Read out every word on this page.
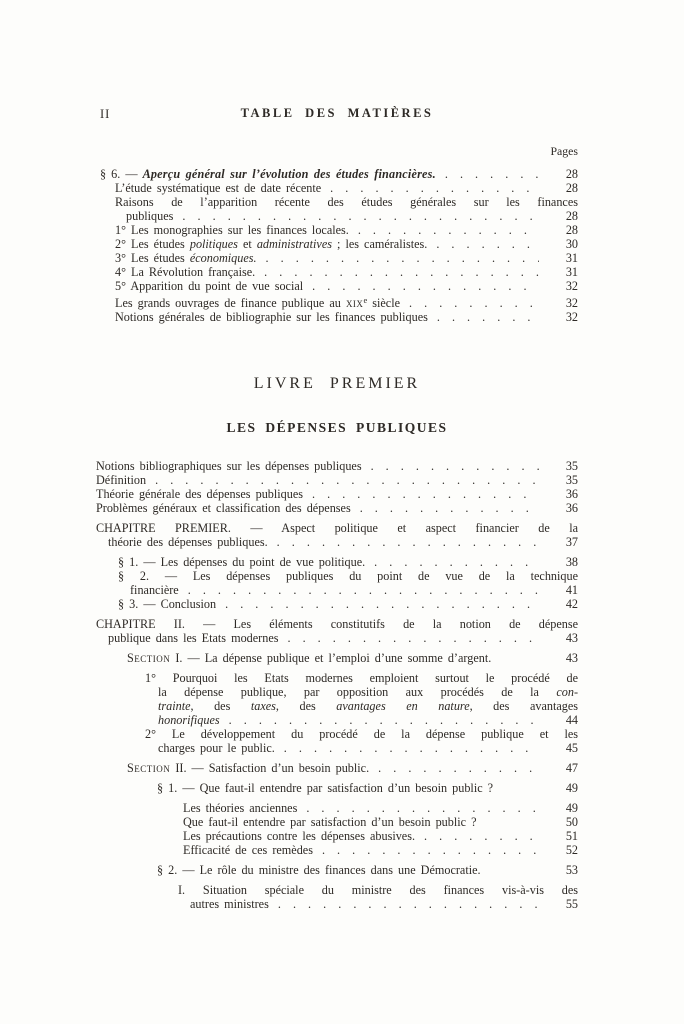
II	TABLE DES MATIÈRES
Pages
§ 6. — Aperçu général sur l’évolution des études financières. . . .	28
L’étude systématique est de date récente . . .	28
Raisons de l’apparition récente des études générales sur les finances
publiques . . .	28
1° Les monographies sur les finances locales. . . .	28
2° Les études politiques et administratives ; les caméralistes. . . .	30
3° Les études économiques. . . .	31
4° La Révolution française. . . .	31
5° Apparition du point de vue social . . .	32
Les grands ouvrages de finance publique au xix$^e$ siècle . . .	32
Notions générales de bibliographie sur les finances publiques . . .	32
LIVRE PREMIER
LES DÉPENSES PUBLIQUES
Notions bibliographiques sur les dépenses publiques . . .	35
Définition . . .	35
Théorie générale des dépenses publiques . . .	36
Problèmes généraux et classification des dépenses . . .	36
CHAPITRE PREMIER. — Aspect politique et aspect financier de la
théorie des dépenses publiques. . . .	37
§ 1. — Les dépenses du point de vue politique. . . .	38
§ 2. — Les dépenses publiques du point de vue de la technique
financière . . .	41
§ 3. — Conclusion . . .	42
CHAPITRE II. — Les éléments constitutifs de la notion de dépense
publique dans les Etats modernes . . .	43
Section I. — La dépense publique et l’emploi d’une somme d’argent.	43
1° Pourquoi les Etats modernes emploient surtout le procédé de
la dépense publique, par opposition aux procédés de la con-
trainte, des taxes, des avantages en nature, des avantages
honorifiques . . .	44
2° Le développement du procédé de la dépense publique et les
charges pour le public. . . .	45
Section II. — Satisfaction d’un besoin public. . . .	47
§ 1. — Que faut-il entendre par satisfaction d’un besoin public ?	49
Les théories anciennes . . .	49
Que faut-il entendre par satisfaction d’un besoin public ?	50
Les précautions contre les dépenses abusives. . . .	51
Efficacité de ces remèdes . . .	52
§ 2. — Le rôle du ministre des finances dans une Démocratie.	53
I. Situation spéciale du ministre des finances vis-à-vis des
autres ministres . . .	55
